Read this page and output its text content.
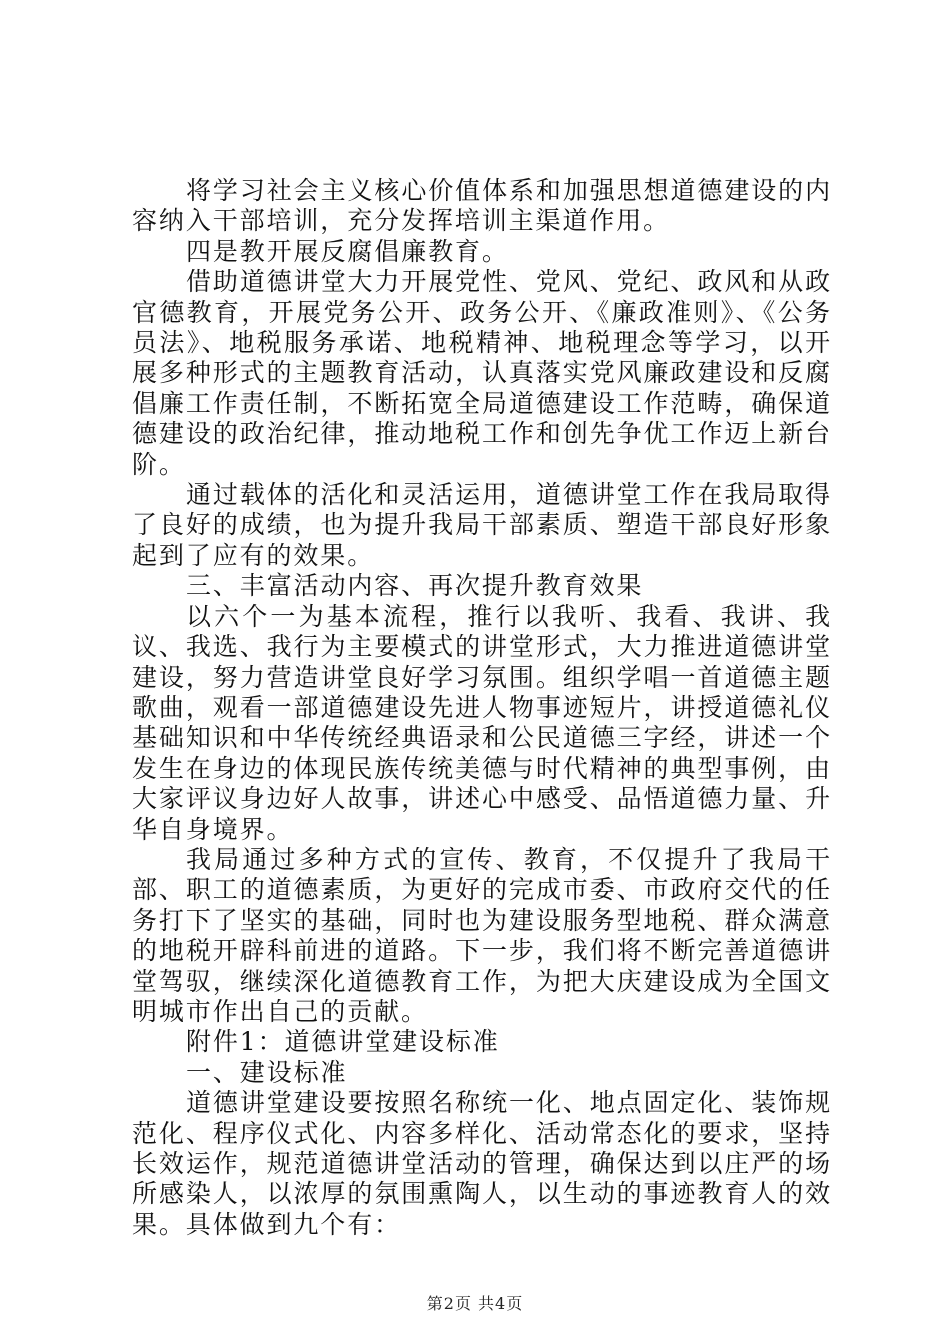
将学习社会主义核心价值体系和加强思想道德建设的内容纳入干部培训，充分发挥培训主渠道作用。

四是教开展反腐倡廉教育。

借助道德讲堂大力开展党性、党风、党纪、政风和从政官德教育，开展党务公开、政务公开、《廉政准则》、《公务员法》、地税服务承诺、地税精神、地税理念等学习，以开展多种形式的主题教育活动，认真落实党风廉政建设和反腐倡廉工作责任制，不断拓宽全局道德建设工作范畴，确保道德建设的政治纪律，推动地税工作和创先争优工作迈上新台阶。

通过载体的活化和灵活运用，道德讲堂工作在我局取得了良好的成绩，也为提升我局干部素质、塑造干部良好形象起到了应有的效果。

三、丰富活动内容、再次提升教育效果

以六个一为基本流程，推行以我听、我看、我讲、我议、我选、我行为主要模式的讲堂形式，大力推进道德讲堂建设，努力营造讲堂良好学习氛围。组织学唱一首道德主题歌曲，观看一部道德建设先进人物事迹短片，讲授道德礼仪基础知识和中华传统经典语录和公民道德三字经，讲述一个发生在身边的体现民族传统美德与时代精神的典型事例，由大家评议身边好人故事，讲述心中感受、品悟道德力量、升华自身境界。

我局通过多种方式的宣传、教育，不仅提升了我局干部、职工的道德素质，为更好的完成市委、市政府交代的任务打下了坚实的基础，同时也为建设服务型地税、群众满意的地税开辟科前进的道路。下一步，我们将不断完善道德讲堂驾驭，继续深化道德教育工作，为把大庆建设成为全国文明城市作出自己的贡献。

附件1：道德讲堂建设标准

一、建设标准

道德讲堂建设要按照名称统一化、地点固定化、装饰规范化、程序仪式化、内容多样化、活动常态化的要求，坚持长效运作，规范道德讲堂活动的管理，确保达到以庄严的场所感染人，以浓厚的氛围熏陶人，以生动的事迹教育人的效果。具体做到九个有：

第2页 共4页
